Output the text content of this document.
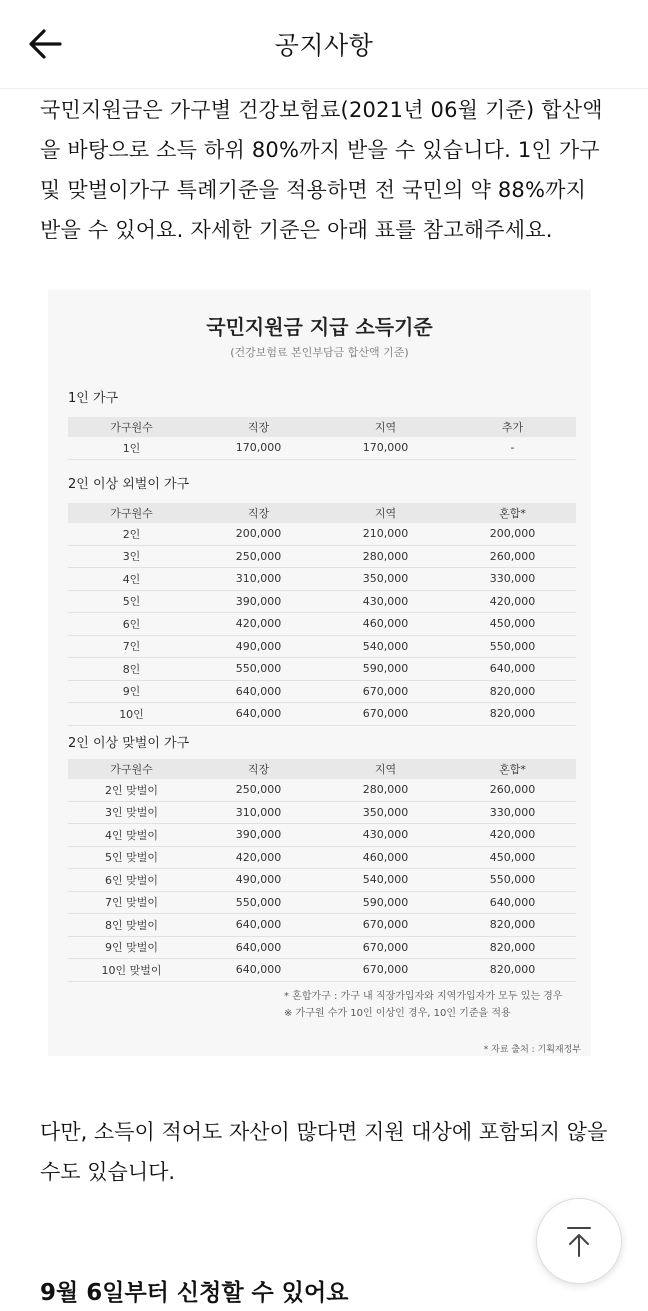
공지사항

국민지원금은 가구별 건강보험료(2021년 06월 기준) 합산액을 바탕으로 소득 하위 80%까지 받을 수 있습니다. 1인 가구 및 맞벌이가구 특례기준을 적용하면 전 국민의 약 88%까지 받을 수 있어요. 자세한 기준은 아래 표를 참고해주세요.

국민지원금 지급 소득기준
(건강보험료 본인부담금 합산액 기준)
1인 가구
가구원수	직장	지역	추가
1인	170,000	170,000	-
2인 이상 외벌이 가구
가구원수	직장	지역	혼합*
2인	200,000	210,000	200,000
3인	250,000	280,000	260,000
4인	310,000	350,000	330,000
5인	390,000	430,000	420,000
6인	420,000	460,000	450,000
7인	490,000	540,000	550,000
8인	550,000	590,000	640,000
9인	640,000	670,000	820,000
10인	640,000	670,000	820,000
2인 이상 맞벌이 가구
가구원수	직장	지역	혼합*
2인 맞벌이	250,000	280,000	260,000
3인 맞벌이	310,000	350,000	330,000
4인 맞벌이	390,000	430,000	420,000
5인 맞벌이	420,000	460,000	450,000
6인 맞벌이	490,000	540,000	550,000
7인 맞벌이	550,000	590,000	640,000
8인 맞벌이	640,000	670,000	820,000
9인 맞벌이	640,000	670,000	820,000
10인 맞벌이	640,000	670,000	820,000
* 혼합가구 : 가구 내 직장가입자와 지역가입자가 모두 있는 경우
※ 가구원 수가 10인 이상인 경우, 10인 기준을 적용
* 자료 출처 : 기획재정부

다만, 소득이 적어도 자산이 많다면 지원 대상에 포함되지 않을 수도 있습니다.

9월 6일부터 신청할 수 있어요
